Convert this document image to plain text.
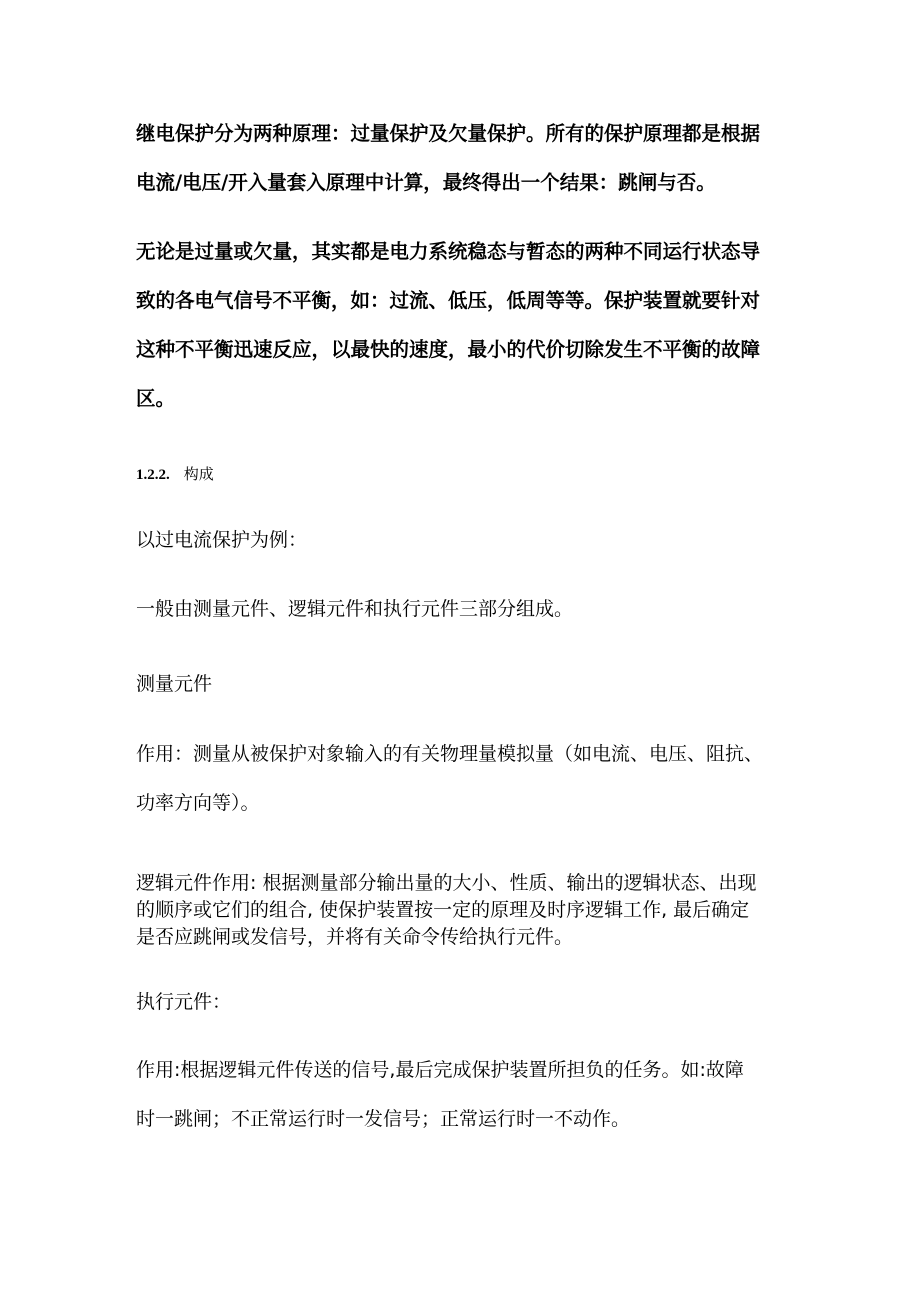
继电保护分为两种原理：过量保护及欠量保护。所有的保护原理都是根据

电流/电压/开入量套入原理中计算，最终得出一个结果：跳闸与否。

无论是过量或欠量，其实都是电力系统稳态与暂态的两种不同运行状态导

致的各电气信号不平衡，如：过流、低压，低周等等。保护装置就要针对

这种不平衡迅速反应，以最快的速度，最小的代价切除发生不平衡的故障

区。

1.2.2. 构成

以过电流保护为例：

一般由测量元件、逻辑元件和执行元件三部分组成。

测量元件

作用：测量从被保护对象输入的有关物理量模拟量（如电流、电压、阻抗、

功率方向等）。

逻辑元件作用: 根据测量部分输出量的大小、性质、输出的逻辑状态、出现

的顺序或它们的组合, 使保护装置按一定的原理及时序逻辑工作, 最后确定

是否应跳闸或发信号，并将有关命令传给执行元件。

执行元件：

作用:根据逻辑元件传送的信号,最后完成保护装置所担负的任务。如:故障

时一跳闸；不正常运行时一发信号；正常运行时一不动作。
